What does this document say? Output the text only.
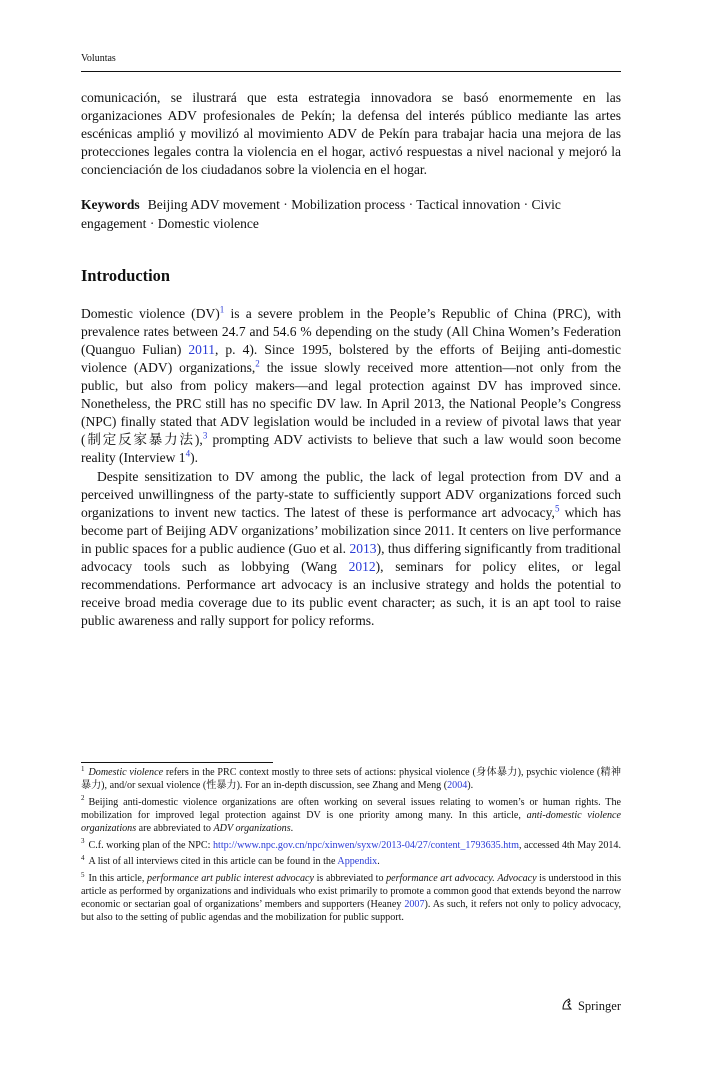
Voluntas

comunicación, se ilustrará que esta estrategia innovadora se basó enormemente en las organizaciones ADV profesionales de Pekín; la defensa del interés público mediante las artes escénicas amplió y movilizó al movimiento ADV de Pekín para trabajar hacia una mejora de las protecciones legales contra la violencia en el hogar, activó respuestas a nivel nacional y mejoró la concienciación de los ciudadanos sobre la violencia en el hogar.

Keywords Beijing ADV movement · Mobilization process · Tactical innovation · Civic engagement · Domestic violence

Introduction

Domestic violence (DV)$^1$ is a severe problem in the People’s Republic of China (PRC), with prevalence rates between 24.7 and 54.6 % depending on the study (All China Women’s Federation (Quanguo Fulian) 2011, p. 4). Since 1995, bolstered by the efforts of Beijing anti-domestic violence (ADV) organizations,$^2$ the issue slowly received more attention—not only from the public, but also from policy makers—and legal protection against DV has improved since. Nonetheless, the PRC still has no specific DV law. In April 2013, the National People’s Congress (NPC) finally stated that ADV legislation would be included in a review of pivotal laws that year (制定反家暴力法),$^3$ prompting ADV activists to believe that such a law would soon become reality (Interview 1$^4$).

Despite sensitization to DV among the public, the lack of legal protection from DV and a perceived unwillingness of the party-state to sufficiently support ADV organizations forced such organizations to invent new tactics. The latest of these is performance art advocacy,$^5$ which has become part of Beijing ADV organizations’ mobilization since 2011. It centers on live performance in public spaces for a public audience (Guo et al. 2013), thus differing significantly from traditional advocacy tools such as lobbying (Wang 2012), seminars for policy elites, or legal recommendations. Performance art advocacy is an inclusive strategy and holds the potential to receive broad media coverage due to its public event character; as such, it is an apt tool to raise public awareness and rally support for policy reforms.

$^1$ Domestic violence refers in the PRC context mostly to three sets of actions: physical violence (身体暴力), psychic violence (精神暴力), and/or sexual violence (性暴力). For an in-depth discussion, see Zhang and Meng (2004).

$^2$ Beijing anti-domestic violence organizations are often working on several issues relating to women’s or human rights. The mobilization for improved legal protection against DV is one priority among many. In this article, anti-domestic violence organizations are abbreviated to ADV organizations.

$^3$ C.f. working plan of the NPC: http://www.npc.gov.cn/npc/xinwen/syxw/2013-04/27/content_1793635.htm, accessed 4th May 2014.

$^4$ A list of all interviews cited in this article can be found in the Appendix.

$^5$ In this article, performance art public interest advocacy is abbreviated to performance art advocacy. Advocacy is understood in this article as performed by organizations and individuals who exist primarily to promote a common good that extends beyond the narrow economic or sectarian goal of organizations’ members and supporters (Heaney 2007). As such, it refers not only to policy advocacy, but also to the setting of public agendas and the mobilization for public support.

Springer
